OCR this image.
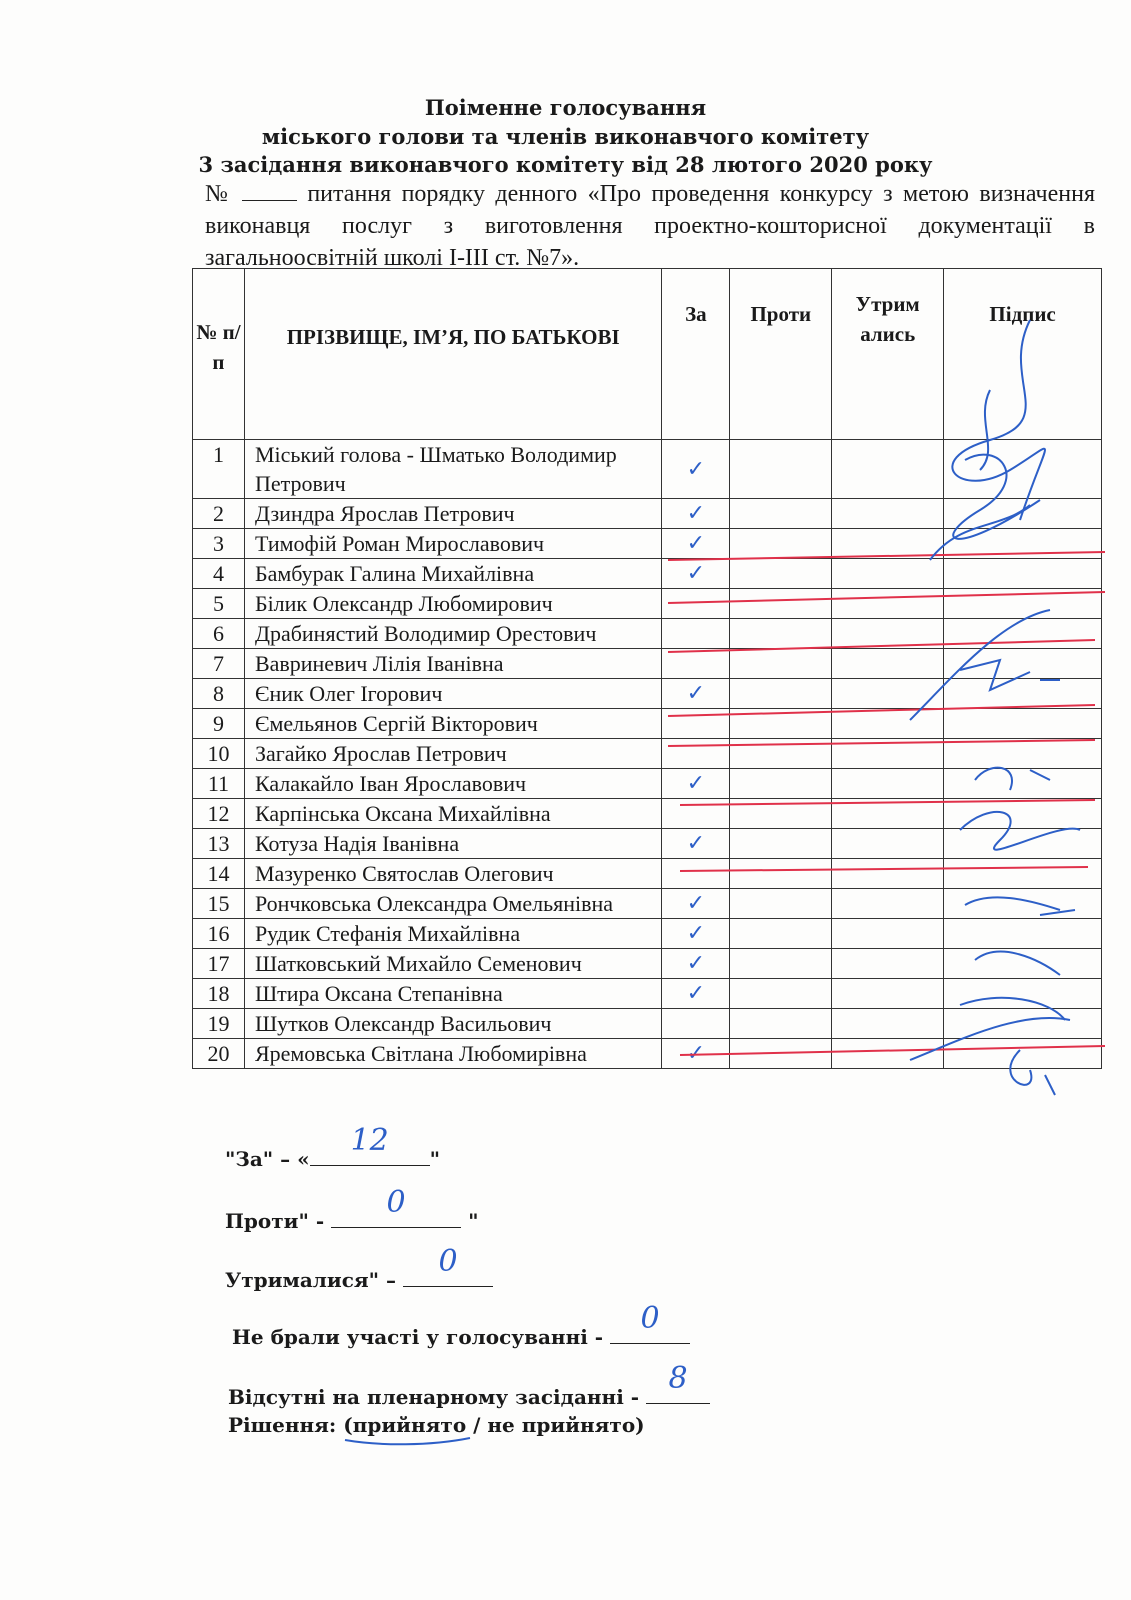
Поіменне голосування
міського голови та членів виконавчого комітету
3 засідання виконавчого комітету від 28 лютого 2020 року
№	питання порядку денного «Про проведення конкурсу з метою визначення виконавця послуг з виготовлення проектно-кошторисної документації в загальноосвітній школі І-ІІІ ст. №7».
№ п/п	ПРІЗВИЩЕ, ІМ’Я, ПО БАТЬКОВІ	За	Проти	Утрим ались	Підпис
1	Міський голова - Шматько Володимир Петрович	✓			
2	Дзиндра Ярослав Петрович	✓			
3	Тимофій Роман Мирославович	✓			
4	Бамбурак Галина Михайлівна	✓			
5	Білик Олександр Любомирович				
6	Драбинястий Володимир Орестович				
7	Вавриневич Лілія Іванівна				
8	Єник Олег Ігорович	✓			
9	Ємельянов Сергій Вікторович				
10	Загайко Ярослав Петрович				
11	Калакайло Іван Ярославович	✓			
12	Карпінська Оксана Михайлівна				
13	Котуза Надія Іванівна	✓			
14	Мазуренко Святослав Олегович				
15	Рончковська Олександра Омельянівна	✓			
16	Рудик Стефанія Михайлівна	✓			
17	Шатковський Михайло Семенович	✓			
18	Штира Оксана Степанівна	✓			
19	Шутков Олександр Васильович				
20	Яремовська Світлана Любомирівна	✓			
"За" – «
12
"
Проти" -
0
"
Утрималися" –
0
Не брали участі у голосуванні -
0
Відсутні на пленарному засіданні -
8
Рішення: (прийнято / не прийнято)
